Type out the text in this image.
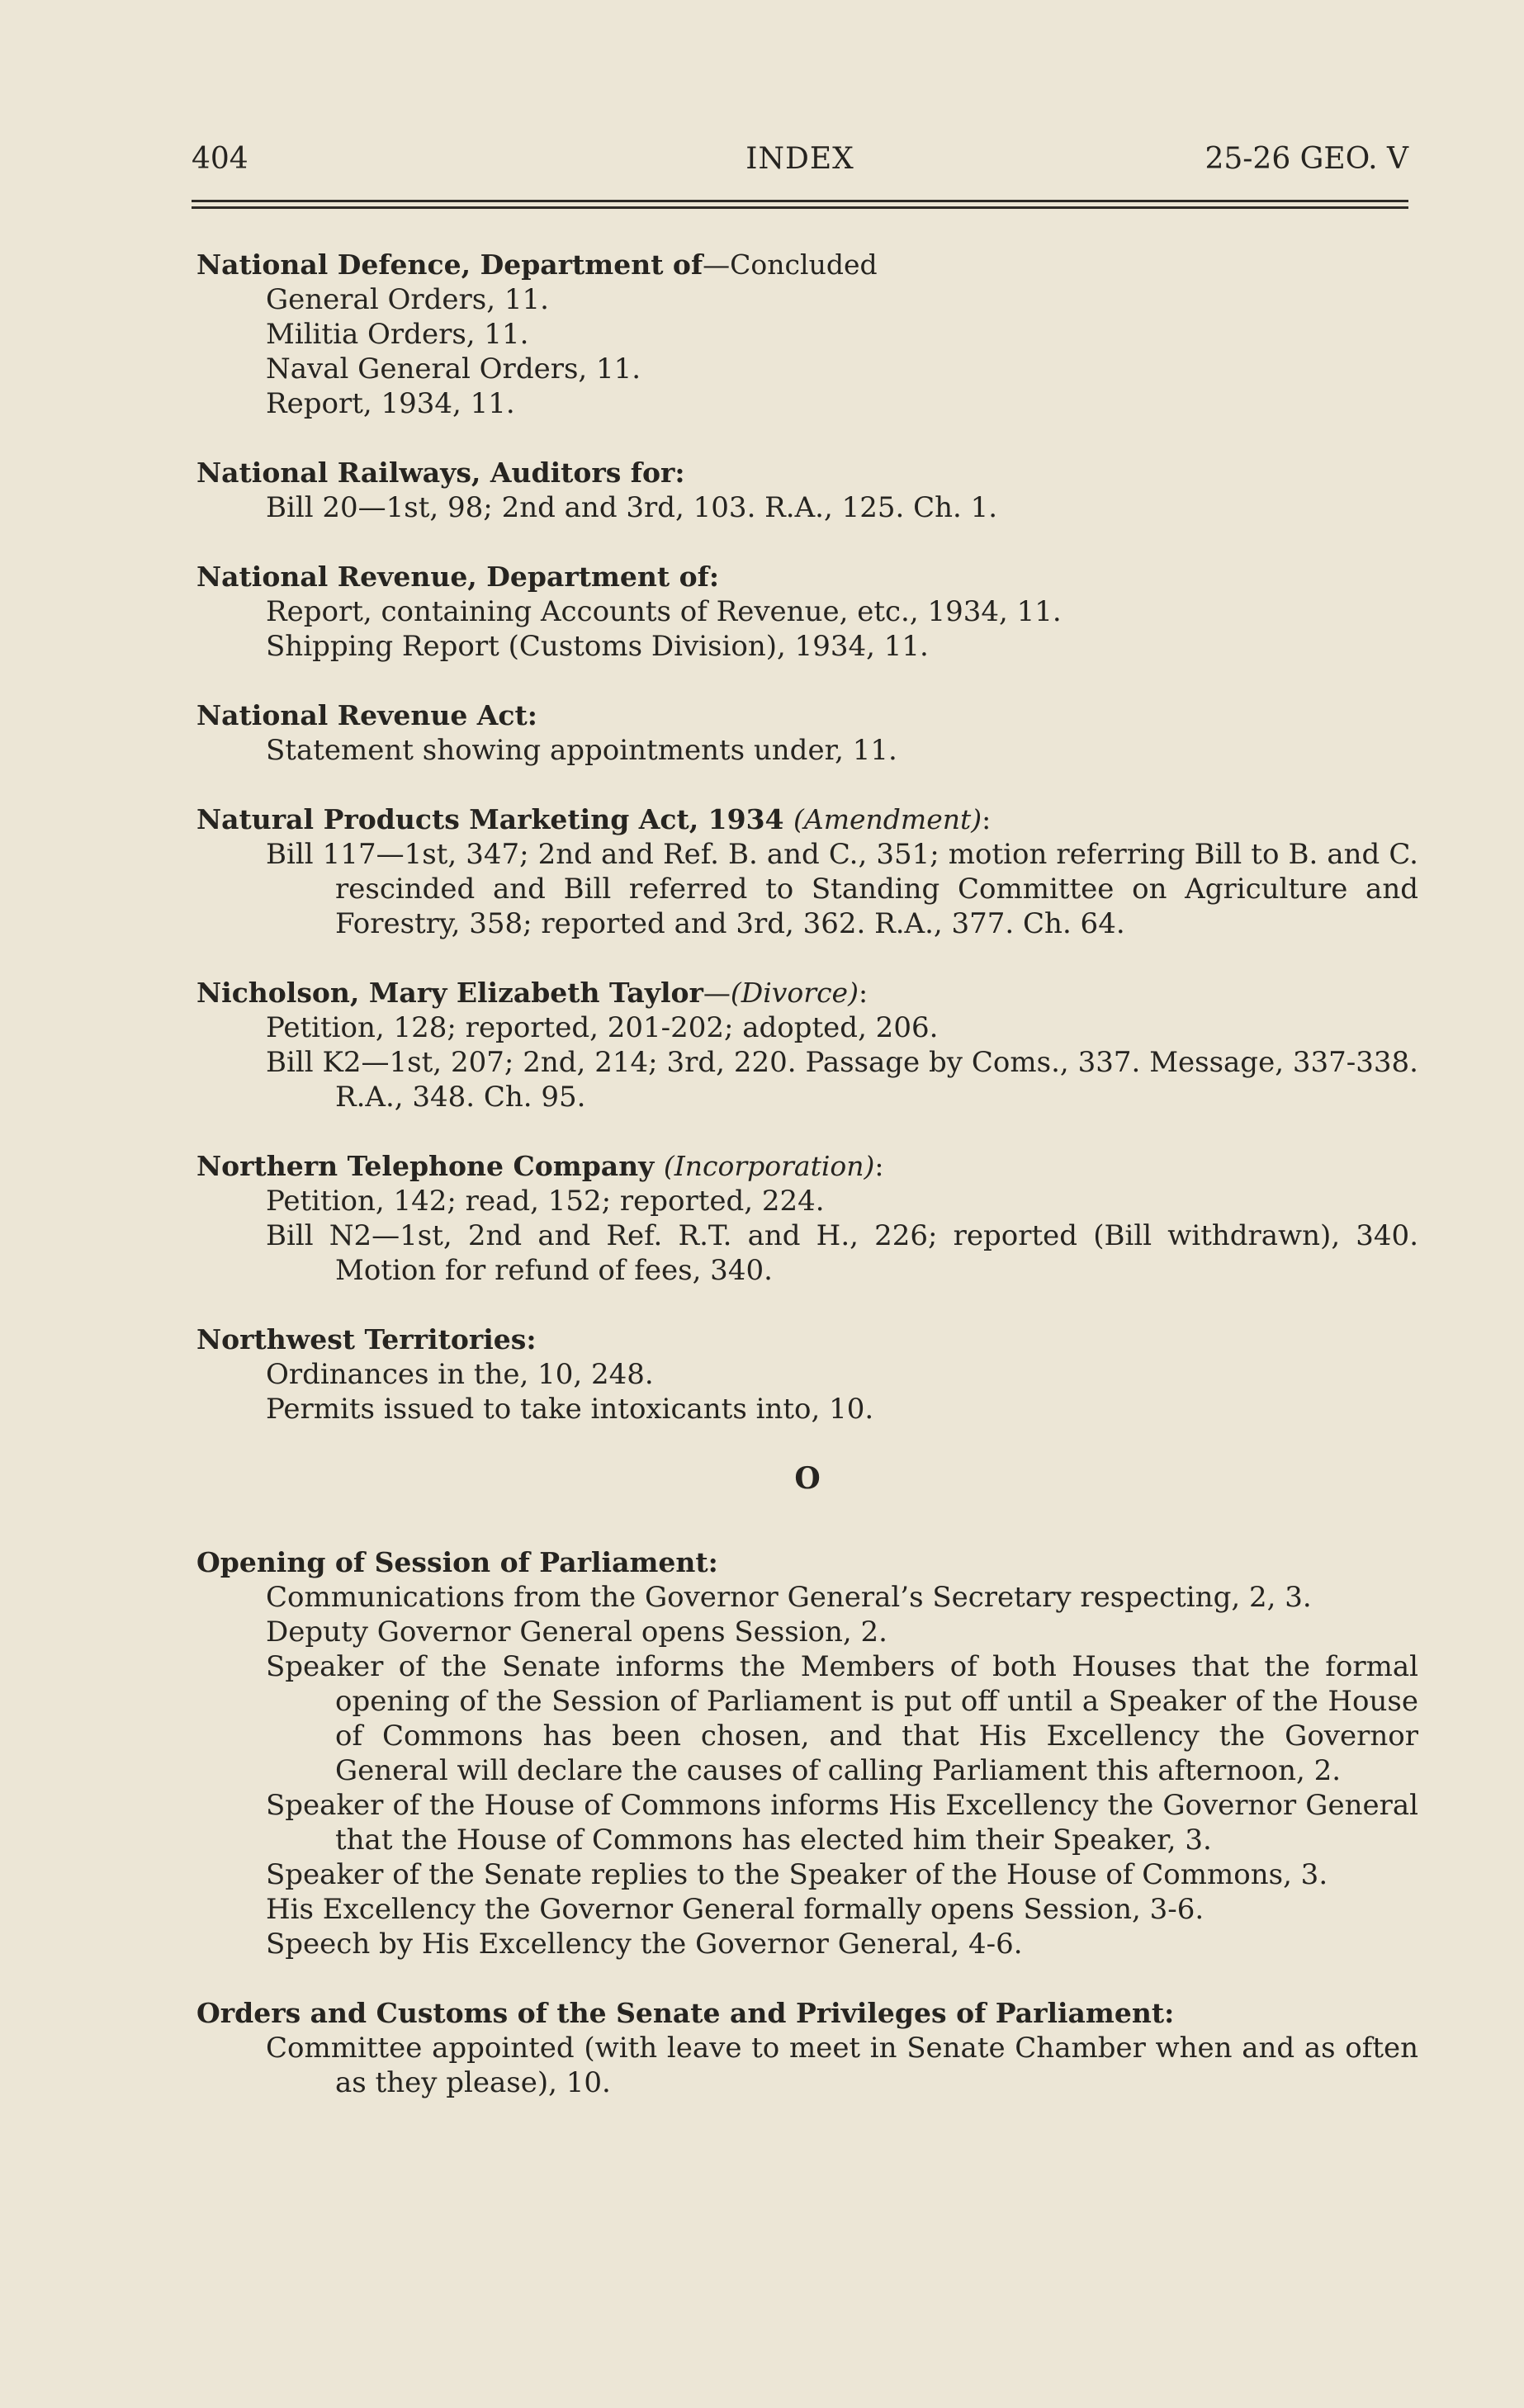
404	INDEX	25-26 GEO. V
National Defence, Department of—Concluded
General Orders, 11.
Militia Orders, 11.
Naval General Orders, 11.
Report, 1934, 11.
National Railways, Auditors for:
Bill 20—1st, 98; 2nd and 3rd, 103. R.A., 125. Ch. 1.
National Revenue, Department of:
Report, containing Accounts of Revenue, etc., 1934, 11.
Shipping Report (Customs Division), 1934, 11.
National Revenue Act:
Statement showing appointments under, 11.
Natural Products Marketing Act, 1934 (Amendment):
Bill 117—1st, 347; 2nd and Ref. B. and C., 351; motion referring Bill to B. and C. rescinded and Bill referred to Standing Committee on Agriculture and Forestry, 358; reported and 3rd, 362. R.A., 377. Ch. 64.
Nicholson, Mary Elizabeth Taylor—(Divorce):
Petition, 128; reported, 201-202; adopted, 206.
Bill K2—1st, 207; 2nd, 214; 3rd, 220. Passage by Coms., 337. Message, 337-338. R.A., 348. Ch. 95.
Northern Telephone Company (Incorporation):
Petition, 142; read, 152; reported, 224.
Bill N2—1st, 2nd and Ref. R.T. and H., 226; reported (Bill withdrawn), 340. Motion for refund of fees, 340.
Northwest Territories:
Ordinances in the, 10, 248.
Permits issued to take intoxicants into, 10.
O
Opening of Session of Parliament:
Communications from the Governor General’s Secretary respecting, 2, 3.
Deputy Governor General opens Session, 2.
Speaker of the Senate informs the Members of both Houses that the formal opening of the Session of Parliament is put off until a Speaker of the House of Commons has been chosen, and that His Excellency the Governor General will declare the causes of calling Parliament this afternoon, 2.
Speaker of the House of Commons informs His Excellency the Governor General that the House of Commons has elected him their Speaker, 3.
Speaker of the Senate replies to the Speaker of the House of Commons, 3.
His Excellency the Governor General formally opens Session, 3-6.
Speech by His Excellency the Governor General, 4-6.
Orders and Customs of the Senate and Privileges of Parliament:
Committee appointed (with leave to meet in Senate Chamber when and as often as they please), 10.
